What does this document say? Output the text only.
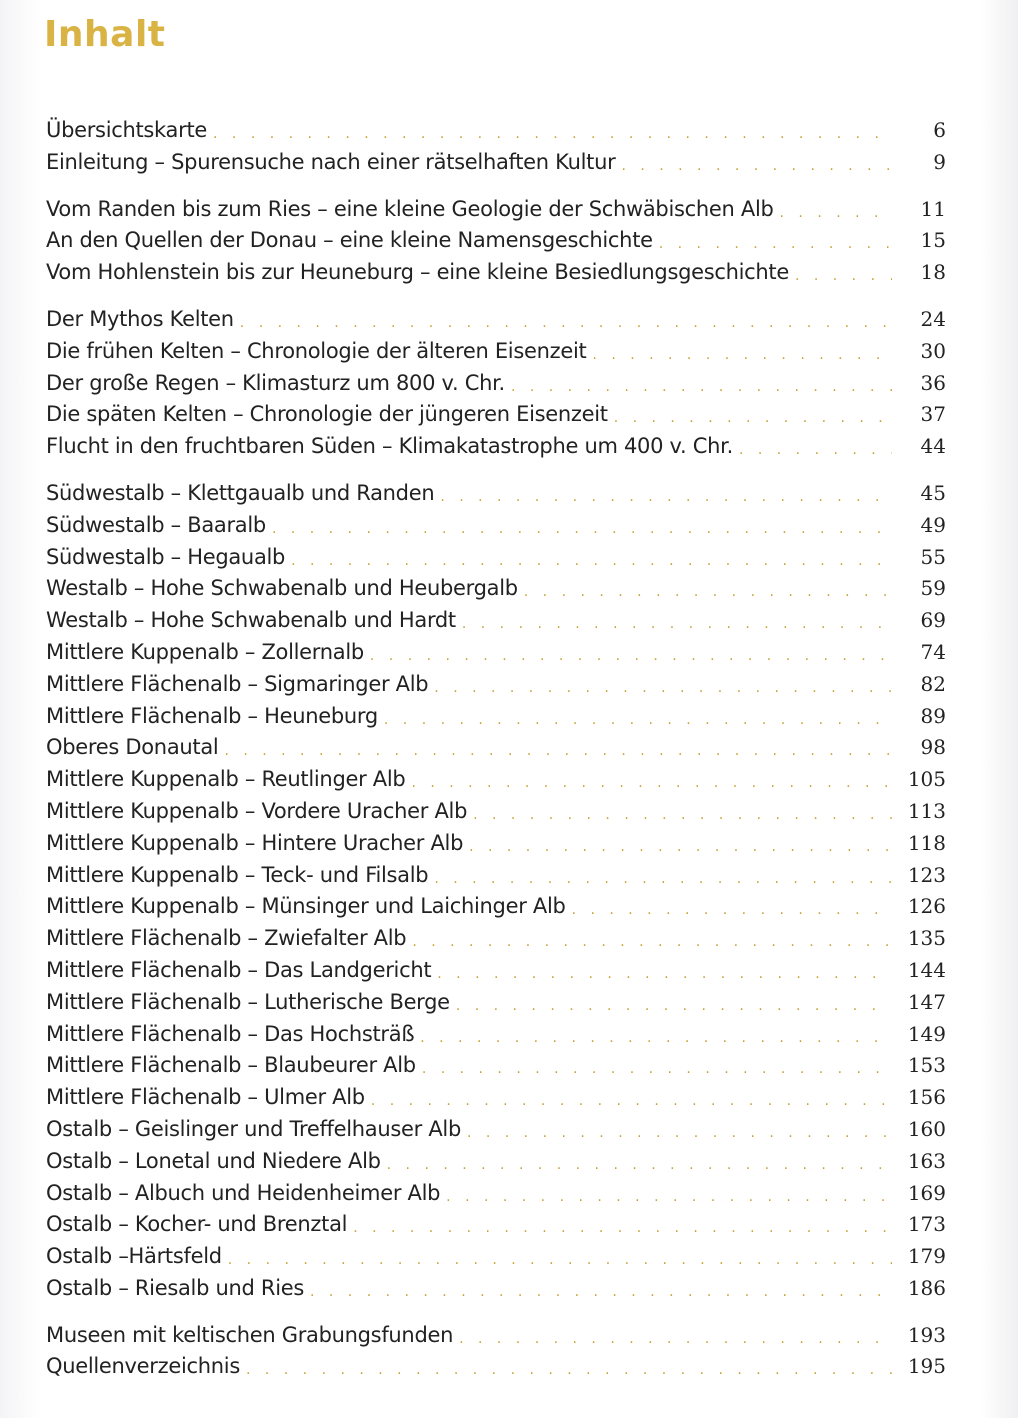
Inhalt
Übersichtskarte . . .	6
Einleitung – Spurensuche nach einer rätselhaften Kultur . . .	9
Vom Randen bis zum Ries – eine kleine Geologie der Schwäbischen Alb . . .	11
An den Quellen der Donau – eine kleine Namensgeschichte . . .	15
Vom Hohlenstein bis zur Heuneburg – eine kleine Besiedlungsgeschichte . . .	18
Der Mythos Kelten . . .	24
Die frühen Kelten – Chronologie der älteren Eisenzeit . . .	30
Der große Regen – Klimasturz um 800 v. Chr. . . .	36
Die späten Kelten – Chronologie der jüngeren Eisenzeit . . .	37
Flucht in den fruchtbaren Süden – Klimakatastrophe um 400 v. Chr. . . .	44
Südwestalb – Klettgaualb und Randen . . .	45
Südwestalb – Baaralb . . .	49
Südwestalb – Hegaualb . . .	55
Westalb – Hohe Schwabenalb und Heubergalb . . .	59
Westalb – Hohe Schwabenalb und Hardt . . .	69
Mittlere Kuppenalb – Zollernalb . . .	74
Mittlere Flächenalb – Sigmaringer Alb . . .	82
Mittlere Flächenalb – Heuneburg . . .	89
Oberes Donautal . . .	98
Mittlere Kuppenalb – Reutlinger Alb . . .	105
Mittlere Kuppenalb – Vordere Uracher Alb . . .	113
Mittlere Kuppenalb – Hintere Uracher Alb . . .	118
Mittlere Kuppenalb – Teck- und Filsalb . . .	123
Mittlere Kuppenalb – Münsinger und Laichinger Alb . . .	126
Mittlere Flächenalb – Zwiefalter Alb . . .	135
Mittlere Flächenalb – Das Landgericht . . .	144
Mittlere Flächenalb – Lutherische Berge . . .	147
Mittlere Flächenalb – Das Hochsträß . . .	149
Mittlere Flächenalb – Blaubeurer Alb . . .	153
Mittlere Flächenalb – Ulmer Alb . . .	156
Ostalb – Geislinger und Treffelhauser Alb . . .	160
Ostalb – Lonetal und Niedere Alb . . .	163
Ostalb – Albuch und Heidenheimer Alb . . .	169
Ostalb – Kocher- und Brenztal . . .	173
Ostalb –Härtsfeld . . .	179
Ostalb – Riesalb und Ries . . .	186
Museen mit keltischen Grabungsfunden . . .	193
Quellenverzeichnis . . .	195
